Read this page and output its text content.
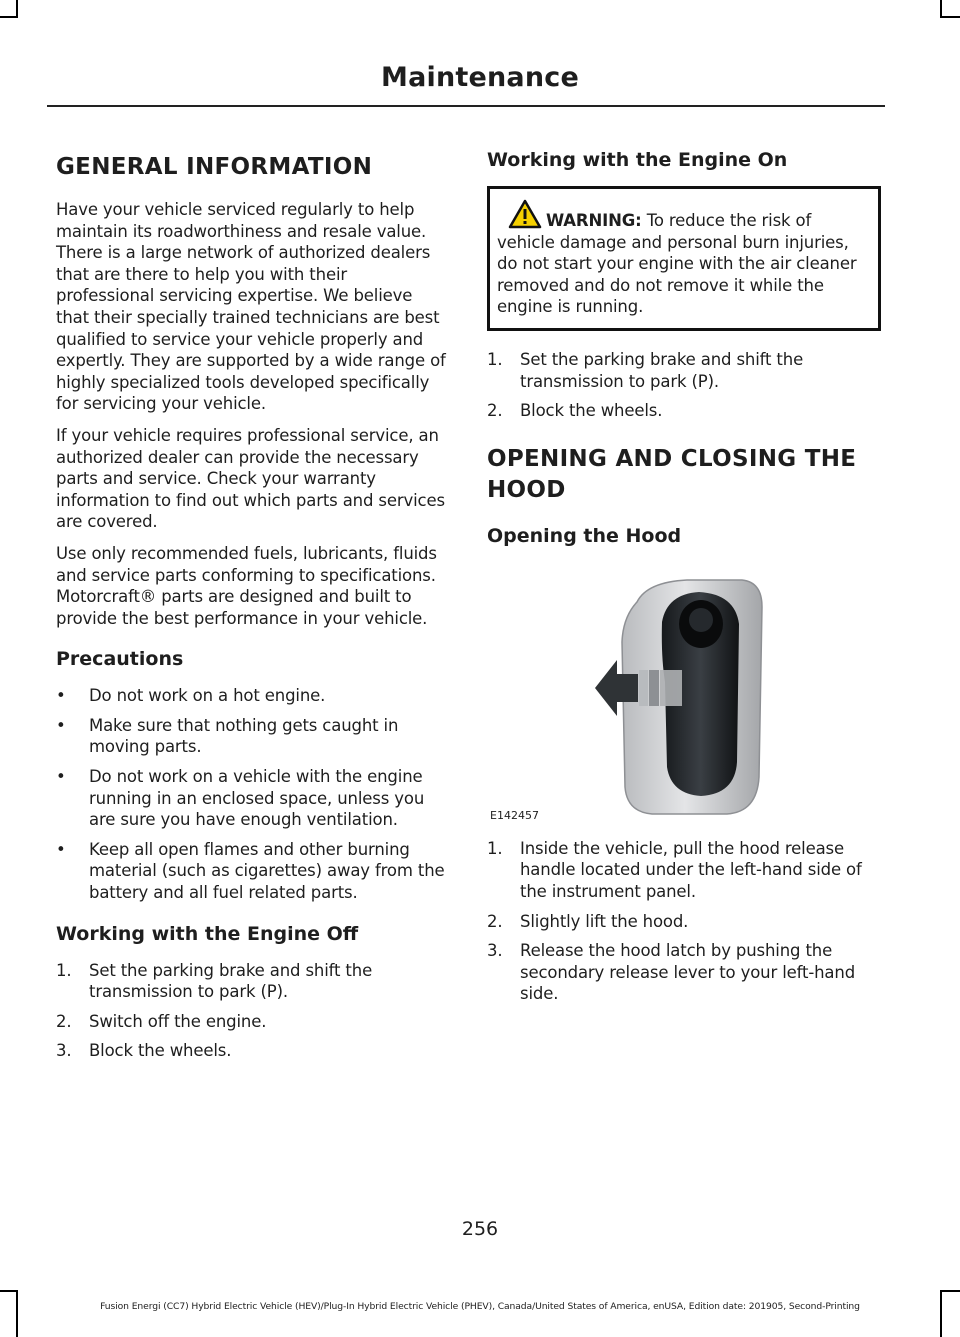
Maintenance
GENERAL INFORMATION

Have your vehicle serviced regularly to help maintain its roadworthiness and resale value. There is a large network of authorized dealers that are there to help you with their professional servicing expertise. We believe that their specially trained technicians are best qualified to service your vehicle properly and expertly. They are supported by a wide range of highly specialized tools developed specifically for servicing your vehicle.

If your vehicle requires professional service, an authorized dealer can provide the necessary parts and service. Check your warranty information to find out which parts and services are covered.

Use only recommended fuels, lubricants, fluids and service parts conforming to specifications. Motorcraft® parts are designed and built to provide the best performance in your vehicle.

Precautions
• Do not work on a hot engine.
• Make sure that nothing gets caught in moving parts.
• Do not work on a vehicle with the engine running in an enclosed space, unless you are sure you have enough ventilation.
• Keep all open flames and other burning material (such as cigarettes) away from the battery and all fuel related parts.
Working with the Engine Off
1. Set the parking brake and shift the transmission to park (P).
2. Switch off the engine.
3. Block the wheels.
Working with the Engine On

WARNING: To reduce the risk of vehicle damage and personal burn injuries, do not start your engine with the air cleaner removed and do not remove it while the engine is running.

1. Set the parking brake and shift the transmission to park (P).
2. Block the wheels.
OPENING AND CLOSING THE
HOOD
Opening the Hood
E142457
1. Inside the vehicle, pull the hood release handle located under the left-hand side of the instrument panel.
2. Slightly lift the hood.
3. Release the hood latch by pushing the secondary release lever to your left-hand side.
256
Fusion Energi (CC7) Hybrid Electric Vehicle (HEV)/Plug-In Hybrid Electric Vehicle (PHEV), Canada/United States of America, enUSA, Edition date: 201905, Second-Printing
